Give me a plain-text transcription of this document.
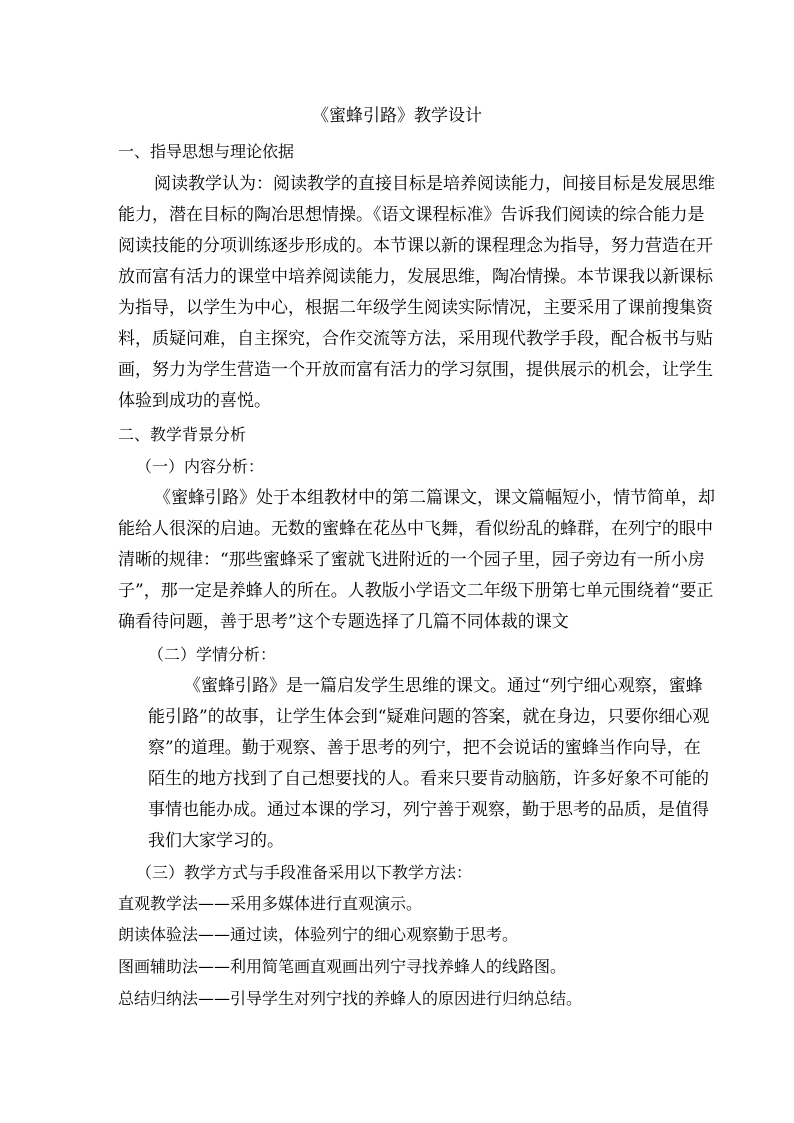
《蜜蜂引路》教学设计
一、指导思想与理论依据
阅读教学认为：阅读教学的直接目标是培养阅读能力，间接目标是发展思维
能力，潜在目标的陶冶思想情操。《语文课程标准》告诉我们阅读的综合能力是
阅读技能的分项训练逐步形成的。本节课以新的课程理念为指导，努力营造在开
放而富有活力的课堂中培养阅读能力，发展思维，陶冶情操。本节课我以新课标
为指导，以学生为中心，根据二年级学生阅读实际情况，主要采用了课前搜集资
料，质疑问难，自主探究，合作交流等方法，采用现代教学手段，配合板书与贴
画，努力为学生营造一个开放而富有活力的学习氛围，提供展示的机会，让学生
体验到成功的喜悦。
二、教学背景分析
（一）内容分析：
《蜜蜂引路》处于本组教材中的第二篇课文，课文篇幅短小，情节简单，却
能给人很深的启迪。无数的蜜蜂在花丛中飞舞，看似纷乱的蜂群，在列宁的眼中
清晰的规律：“那些蜜蜂采了蜜就飞进附近的一个园子里，园子旁边有一所小房
子”，那一定是养蜂人的所在。人教版小学语文二年级下册第七单元围绕着“要正
确看待问题，善于思考”这个专题选择了几篇不同体裁的课文
（二）学情分析：
《蜜蜂引路》是一篇启发学生思维的课文。通过“列宁细心观察，蜜蜂
能引路”的故事，让学生体会到“疑难问题的答案，就在身边，只要你细心观
察”的道理。勤于观察、善于思考的列宁，把不会说话的蜜蜂当作向导，在
陌生的地方找到了自己想要找的人。看来只要肯动脑筋，许多好象不可能的
事情也能办成。通过本课的学习，列宁善于观察，勤于思考的品质，是值得
我们大家学习的。
（三）教学方式与手段准备采用以下教学方法：
直观教学法——采用多媒体进行直观演示。
朗读体验法——通过读，体验列宁的细心观察勤于思考。
图画辅助法——利用简笔画直观画出列宁寻找养蜂人的线路图。
总结归纳法——引导学生对列宁找的养蜂人的原因进行归纳总结。
